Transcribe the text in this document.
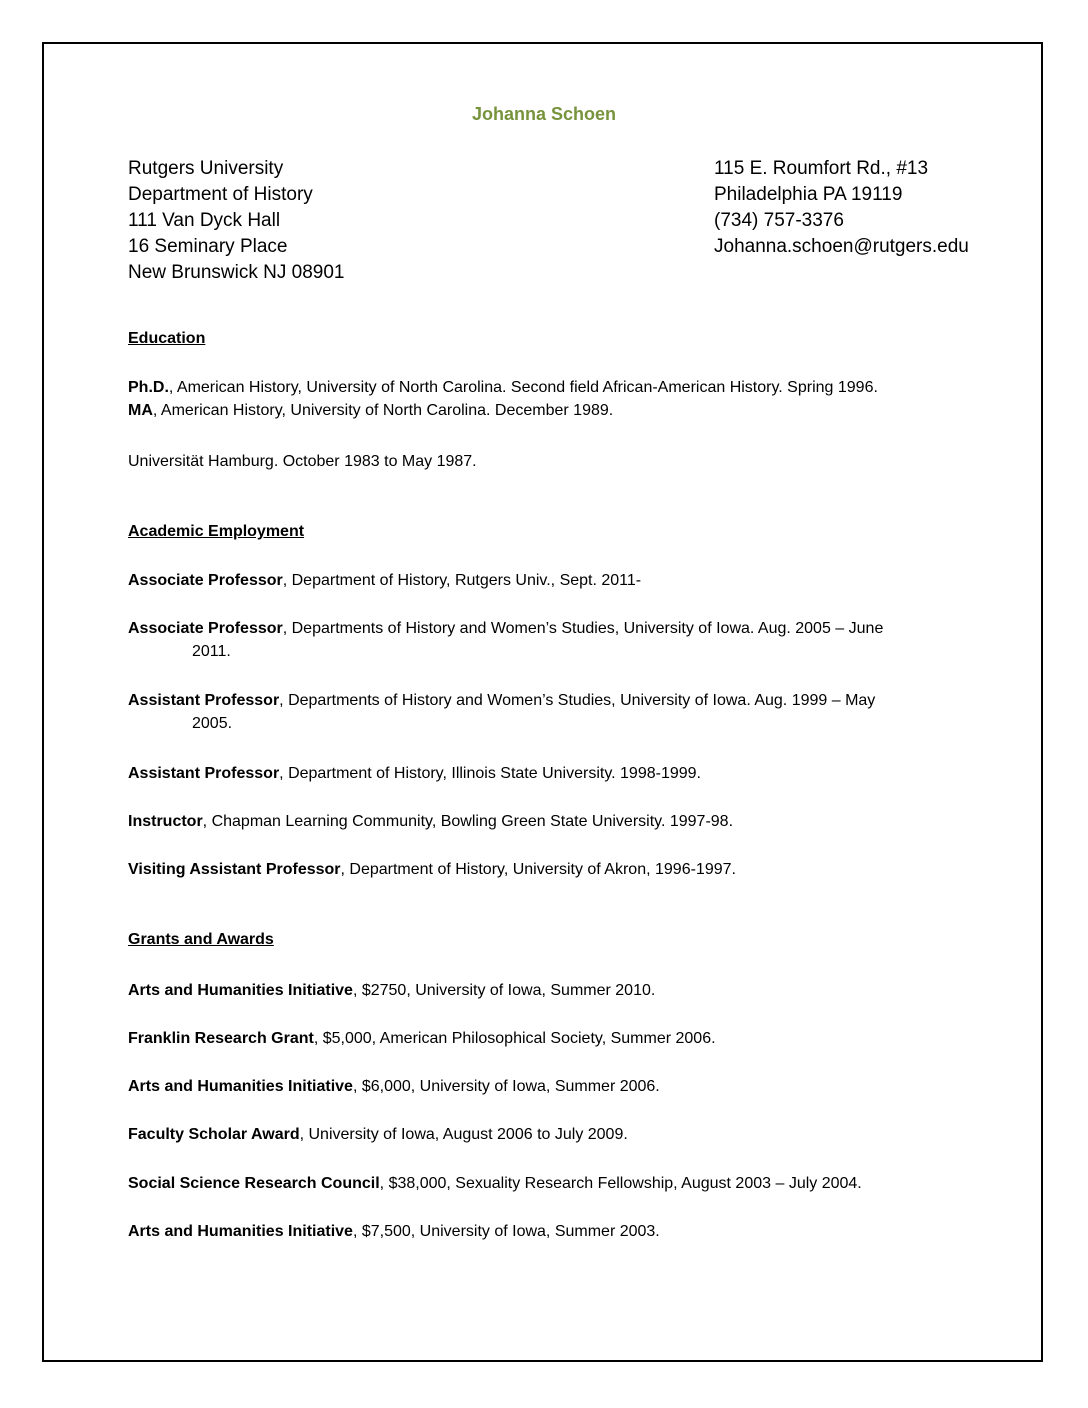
Johanna Schoen
Rutgers University
Department of History
111 Van Dyck Hall
16 Seminary Place
New Brunswick NJ 08901
115 E. Roumfort Rd., #13
Philadelphia PA 19119
(734) 757-3376
Johanna.schoen@rutgers.edu
Education

Ph.D., American History, University of North Carolina. Second field African-American History. Spring 1996.
MA, American History, University of North Carolina. December 1989.

Universität Hamburg. October 1983 to May 1987.

Academic Employment

Associate Professor, Department of History, Rutgers Univ., Sept. 2011-

Associate Professor, Departments of History and Women’s Studies, University of Iowa. Aug. 2005 – June
2011.

Assistant Professor, Departments of History and Women’s Studies, University of Iowa. Aug. 1999 – May
2005.

Assistant Professor, Department of History, Illinois State University. 1998-1999.

Instructor, Chapman Learning Community, Bowling Green State University. 1997-98.

Visiting Assistant Professor, Department of History, University of Akron, 1996-1997.

Grants and Awards

Arts and Humanities Initiative, $2750, University of Iowa, Summer 2010.

Franklin Research Grant, $5,000, American Philosophical Society, Summer 2006.

Arts and Humanities Initiative, $6,000, University of Iowa, Summer 2006.

Faculty Scholar Award, University of Iowa, August 2006 to July 2009.

Social Science Research Council, $38,000, Sexuality Research Fellowship, August 2003 – July 2004.

Arts and Humanities Initiative, $7,500, University of Iowa, Summer 2003.
